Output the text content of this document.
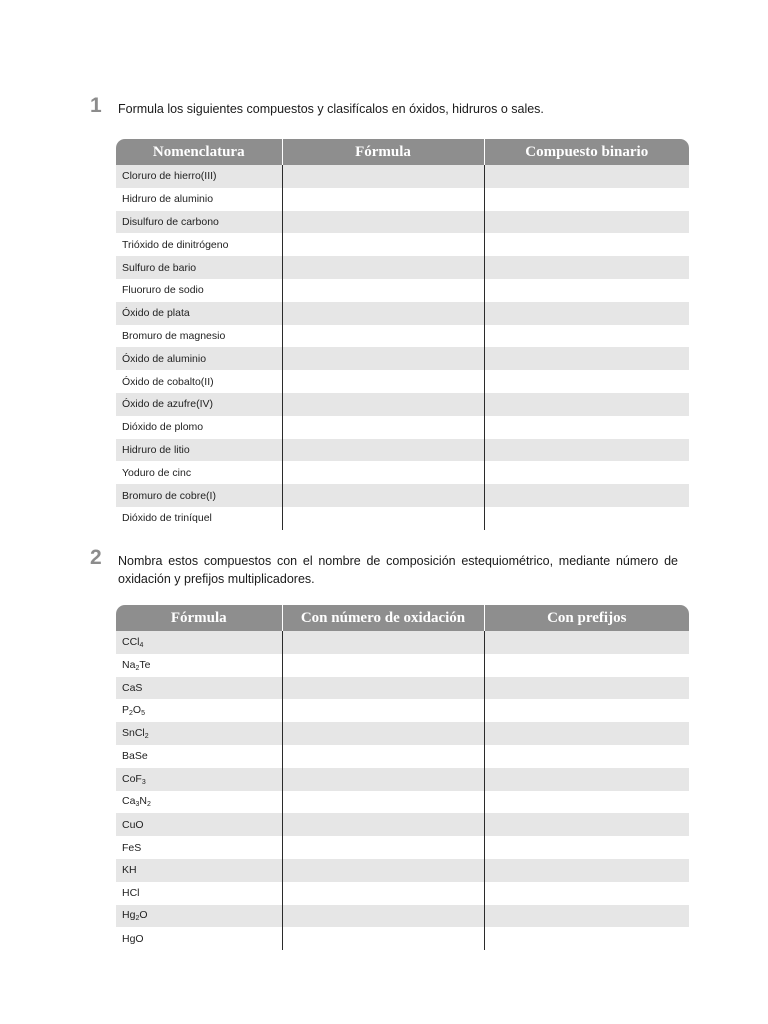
1 Formula los siguientes compuestos y clasifícalos en óxidos, hidruros o sales.
Nomenclatura	Fórmula	Compuesto binario
Cloruro de hierro(III)		
Hidruro de aluminio		
Disulfuro de carbono		
Trióxido de dinitrógeno		
Sulfuro de bario		
Fluoruro de sodio		
Óxido de plata		
Bromuro de magnesio		
Óxido de aluminio		
Óxido de cobalto(II)		
Óxido de azufre(IV)		
Dióxido de plomo		
Hidruro de litio		
Yoduro de cinc		
Bromuro de cobre(I)		
Dióxido de triníquel		
2 Nombra estos compuestos con el nombre de composición estequiométrico, mediante número de oxidación y prefijos multiplicadores.
Fórmula	Con número de oxidación	Con prefijos
CCl$_4$		
$Na_2Te$		
CaS		
$P_2O_5$		
SnCl$_2$		
BaSe		
CoF$_3$		
$Ca_3N_2$		
CuO		
FeS		
KH		
HCl		
$Hg_2O$		
HgO		
